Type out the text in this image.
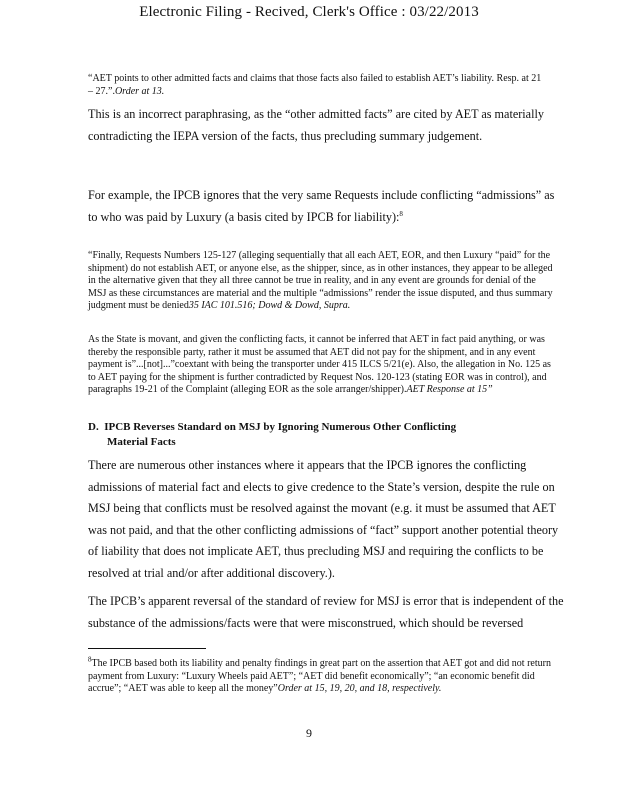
Electronic Filing - Recived, Clerk's Office : 03/22/2013
“AET points to other admitted facts and claims that those facts also failed to establish AET’s liability. Resp. at 21 – 27.”.Order at 13.
This is an incorrect paraphrasing, as the “other admitted facts” are cited by AET as materially contradicting the IEPA version of the facts, thus precluding summary judgement.
For example, the IPCB ignores that the very same Requests include conflicting “admissions” as to who was paid by Luxury (a basis cited by IPCB for liability):$^8$
“Finally, Requests Numbers 125-127 (alleging sequentially that all each AET, EOR, and then Luxury “paid” for the shipment) do not establish AET, or anyone else, as the shipper, since, as in other instances, they appear to be alleged in the alternative given that they all three cannot be true in reality, and in any event are grounds for denial of the MSJ as these circumstances are material and the multiple “admissions” render the issue disputed, and thus summary judgment must be denied35 IAC 101.516; Dowd & Dowd, Supra.
As the State is movant, and given the conflicting facts, it cannot be inferred that AET in fact paid anything, or was thereby the responsible party, rather it must be assumed that AET did not pay for the shipment, and in any event payment is”...[not]...”coextant with being the transporter under 415 ILCS 5/21(e). Also, the allegation in No. 125 as to AET paying for the shipment is further contradicted by Request Nos. 120-123 (stating EOR was in control), and paragraphs 19-21 of the Complaint (alleging EOR as the sole arranger/shipper).AET Response at 15”
D. IPCB Reverses Standard on MSJ by Ignoring Numerous Other Conflicting
Material Facts
There are numerous other instances where it appears that the IPCB ignores the conflicting admissions of material fact and elects to give credence to the State’s version, despite the rule on MSJ being that conflicts must be resolved against the movant (e.g. it must be assumed that AET was not paid, and that the other conflicting admissions of “fact” support another potential theory of liability that does not implicate AET, thus precluding MSJ and requiring the conflicts to be resolved at trial and/or after additional discovery.).
The IPCB’s apparent reversal of the standard of review for MSJ is error that is independent of the substance of the admissions/facts were that were misconstrued, which should be reversed
$^8$The IPCB based both its liability and penalty findings in great part on the assertion that AET got and did not return payment from Luxury: “Luxury Wheels paid AET”; “AET did benefit economically”; “an economic benefit did accrue”; “AET was able to keep all the money”Order at 15, 19, 20, and 18, respectively.
9
